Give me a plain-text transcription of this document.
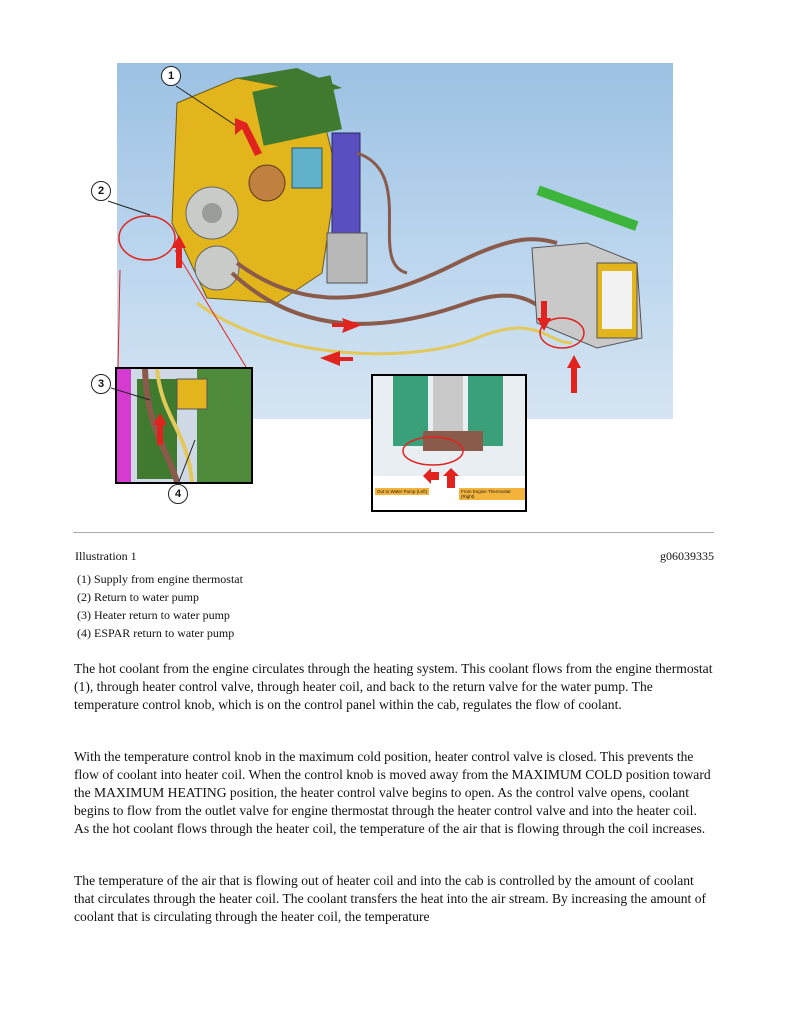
Out to Water Pump (Left)	From Engine Thermostat (Right)
1
2
3
4
Illustration 1	g06039335
(1) Supply from engine thermostat
(2) Return to water pump
(3) Heater return to water pump
(4) ESPAR return to water pump

The hot coolant from the engine circulates through the heating system. This coolant flows from the engine thermostat (1), through heater control valve, through heater coil, and back to the return valve for the water pump. The temperature control knob, which is on the control panel within the cab, regulates the flow of coolant.

With the temperature control knob in the maximum cold position, heater control valve is closed. This prevents the flow of coolant into heater coil. When the control knob is moved away from the MAXIMUM COLD position toward the MAXIMUM HEATING position, the heater control valve begins to open. As the control valve opens, coolant begins to flow from the outlet valve for engine thermostat through the heater control valve and into the heater coil. As the hot coolant flows through the heater coil, the temperature of the air that is flowing through the coil increases.

The temperature of the air that is flowing out of heater coil and into the cab is controlled by the amount of coolant that circulates through the heater coil. The coolant transfers the heat into the air stream. By increasing the amount of coolant that is circulating through the heater coil, the temperature
